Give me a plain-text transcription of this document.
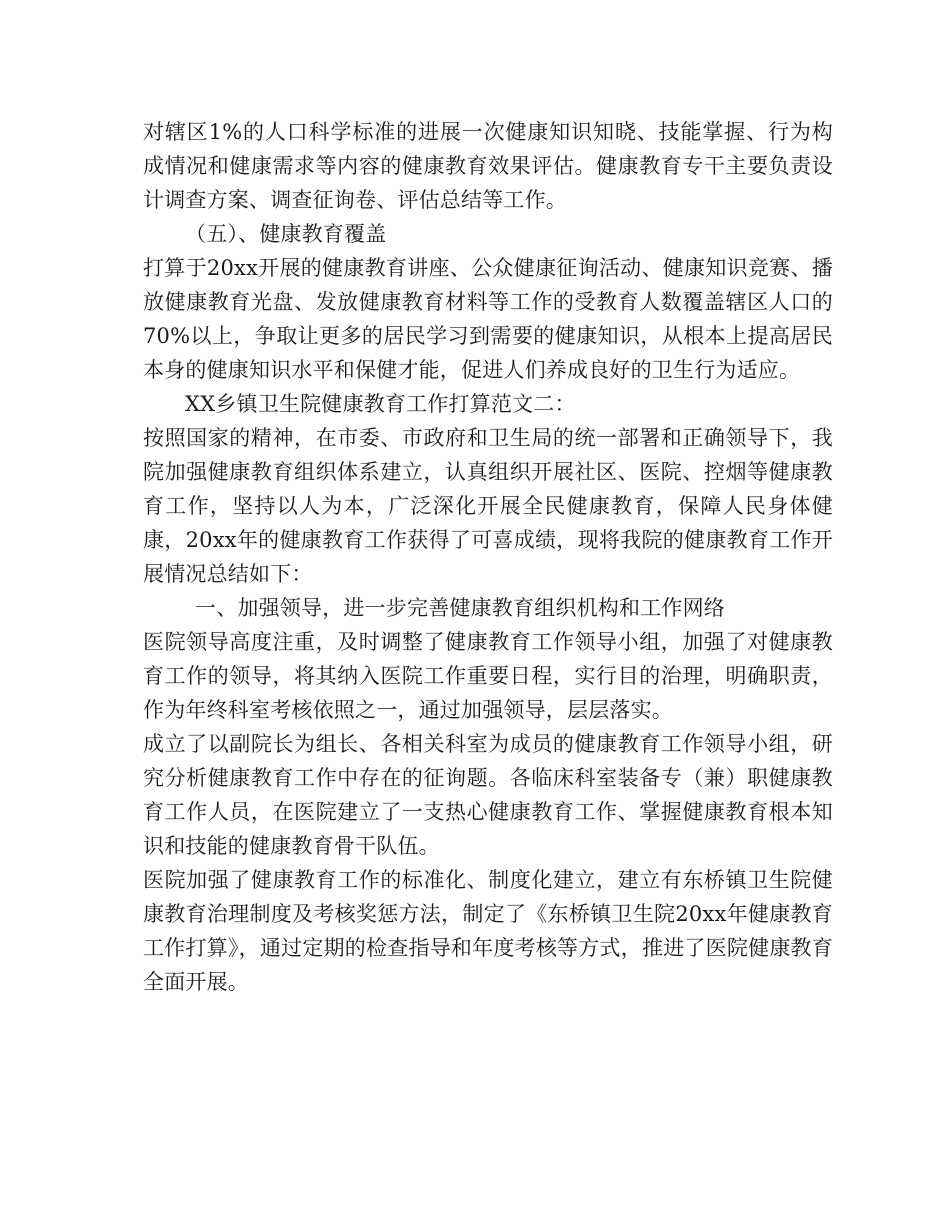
对辖区1%的人口科学标准的进展一次健康知识知晓、技能掌握、行为构成情况和健康需求等内容的健康教育效果评估。健康教育专干主要负责设计调查方案、调查征询卷、评估总结等工作。

（五）、健康教育覆盖

打算于20xx开展的健康教育讲座、公众健康征询活动、健康知识竞赛、播放健康教育光盘、发放健康教育材料等工作的受教育人数覆盖辖区人口的70%以上，争取让更多的居民学习到需要的健康知识，从根本上提高居民本身的健康知识水平和保健才能，促进人们养成良好的卫生行为适应。

XX乡镇卫生院健康教育工作打算范文二：

按照国家的精神，在市委、市政府和卫生局的统一部署和正确领导下，我院加强健康教育组织体系建立，认真组织开展社区、医院、控烟等健康教育工作，坚持以人为本，广泛深化开展全民健康教育，保障人民身体健康，20xx年的健康教育工作获得了可喜成绩，现将我院的健康教育工作开展情况总结如下：

一、加强领导，进一步完善健康教育组织机构和工作网络

医院领导高度注重，及时调整了健康教育工作领导小组，加强了对健康教育工作的领导，将其纳入医院工作重要日程，实行目的治理，明确职责，作为年终科室考核依照之一，通过加强领导，层层落实。

成立了以副院长为组长、各相关科室为成员的健康教育工作领导小组，研究分析健康教育工作中存在的征询题。各临床科室装备专（兼）职健康教育工作人员，在医院建立了一支热心健康教育工作、掌握健康教育根本知识和技能的健康教育骨干队伍。

医院加强了健康教育工作的标准化、制度化建立，建立有东桥镇卫生院健康教育治理制度及考核奖惩方法，制定了《东桥镇卫生院20xx年健康教育工作打算》，通过定期的检查指导和年度考核等方式，推进了医院健康教育全面开展。
